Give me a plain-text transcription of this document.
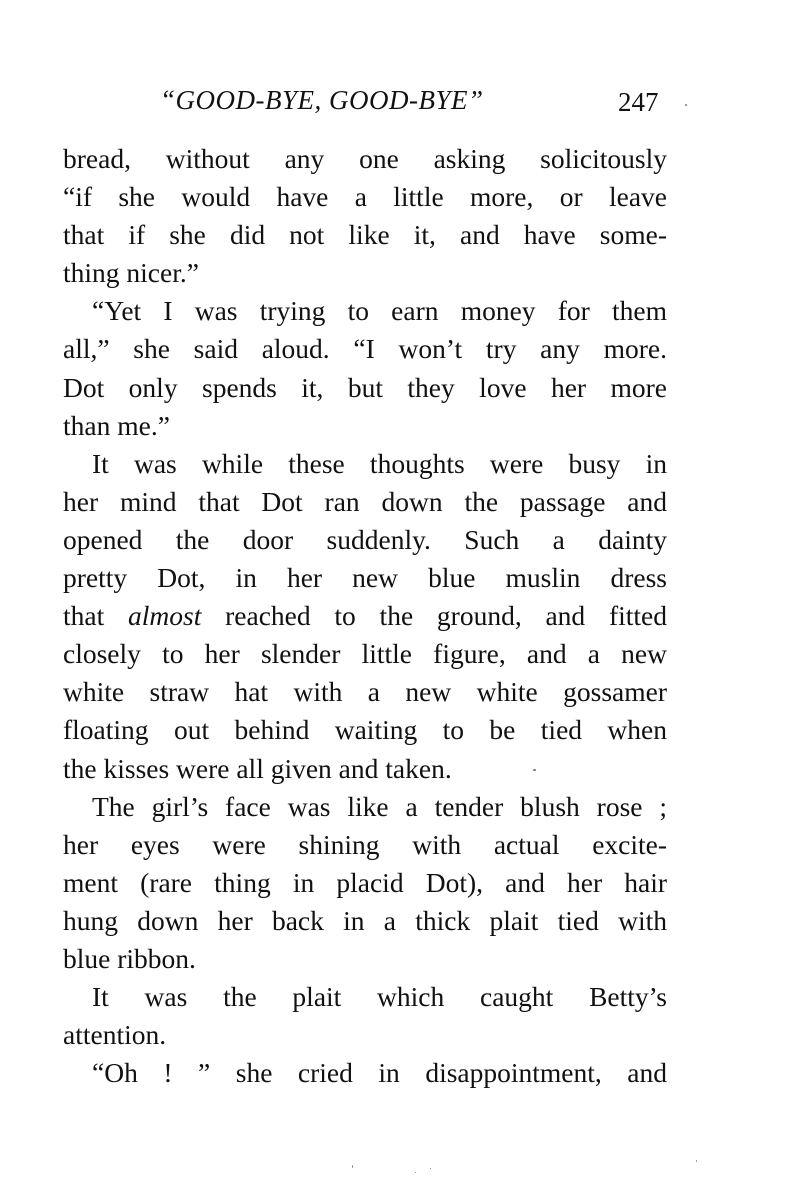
“GOOD-BYE, GOOD-BYE”	247
bread, without any one asking solicitously
“if she would have a little more, or leave
that if she did not like it, and have some-
thing nicer.”
“Yet I was trying to earn money for them
all,” she said aloud. “I won’t try any more.
Dot only spends it, but they love her more
than me.”
It was while these thoughts were busy in
her mind that Dot ran down the passage and
opened the door suddenly. Such a dainty
pretty Dot, in her new blue muslin dress
that almost reached to the ground, and fitted
closely to her slender little figure, and a new
white straw hat with a new white gossamer
floating out behind waiting to be tied when
the kisses were all given and taken.
The girl’s face was like a tender blush rose ;
her eyes were shining with actual excite-
ment (rare thing in placid Dot), and her hair
hung down her back in a thick plait tied with
blue ribbon.
It was the plait which caught Betty’s
attention.
“Oh ! ” she cried in disappointment, and
